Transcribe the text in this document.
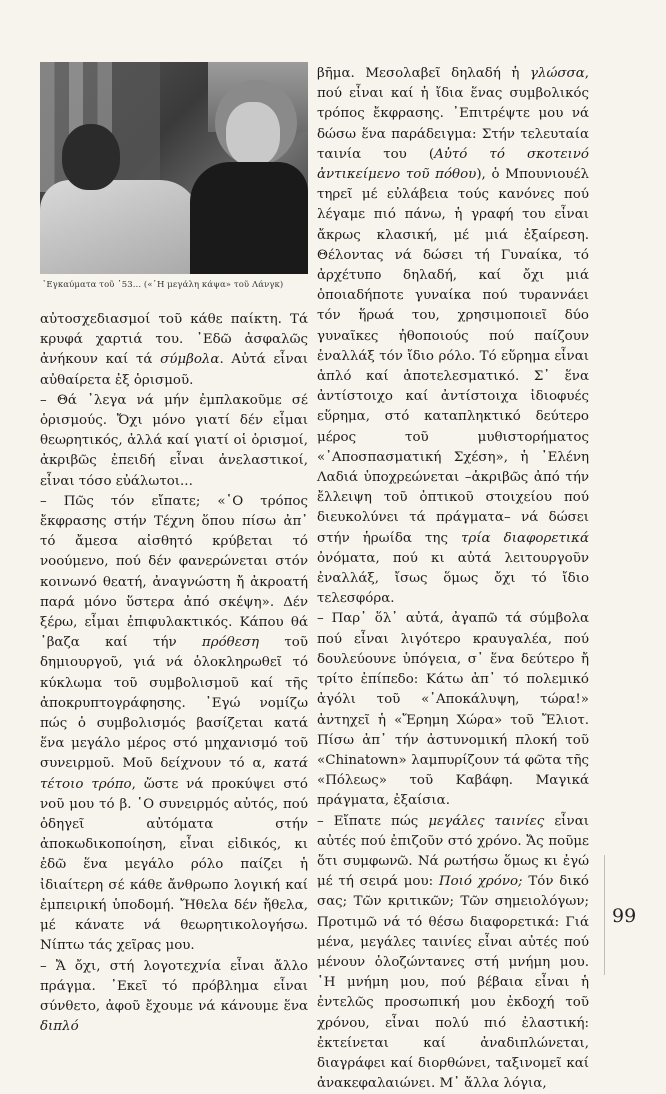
᾿Εγκαύματα τοῦ ᾿53... («῾Η μεγάλη κάψα» τοῦ Λάνγκ)

αὐτοσχεδιασμοί τοῦ κάθε παίκτη. Τά κρυφά χαρτιά του. ᾿Εδῶ ἀσφαλῶς ἀνήκουν καί τά σύμβολα. Αὐτά εἶναι αὐθαίρετα ἐξ ὁρισμοῦ.

– Θά ᾿λεγα νά μήν ἐμπλακοῦμε σέ ὁρισμούς. Ὄχι μόνο γιατί δέν εἶμαι θεωρητικός, ἀλλά καί γιατί οἱ ὁρισμοί, ἀκριβῶς ἐπειδή εἶναι ἀνελαστικοί, εἶναι τόσο εὐάλωτοι...

– Πῶς τόν εἴπατε; «῾Ο τρόπος ἔκφρασης στήν Τέχνη ὅπου πίσω ἀπ᾿ τό ἄμεσα αἰσθητό κρύβεται τό νοούμενο, πού δέν φανερώνεται στόν κοινωνό θεατή, ἀναγνώστη ἤ ἀκροατή παρά μόνο ὕστερα ἀπό σκέψη». Δέν ξέρω, εἶμαι ἐπιφυλακτικός. Κάπου θά ᾿βαζα καί τήν πρόθεση τοῦ δημιουργοῦ, γιά νά ὁλοκληρωθεῖ τό κύκλωμα τοῦ συμβολισμοῦ καί τῆς ἀποκρυπτογράφησης. ᾿Εγώ νομίζω πώς ὁ συμβολισμός βασίζεται κατά ἕνα μεγάλο μέρος στό μηχανισμό τοῦ συνειρμοῦ. Μοῦ δείχνουν τό α, κατά τέτοιο τρόπο, ὥστε νά προκύψει στό νοῦ μου τό β. ῾Ο συνειρμός αὐτός, πού ὁδηγεῖ αὐτόματα στήν ἀποκωδικοποίηση, εἶναι εἰδικός, κι ἐδῶ ἕνα μεγάλο ρόλο παίζει ἡ ἰδιαίτερη σέ κάθε ἄνθρωπο λογική καί ἐμπειρική ὑποδομή. Ἤθελα δέν ἤθελα, μέ κάνατε νά θεωρητικολογήσω. Νίπτω τάς χεῖρας μου.

– Ἄ ὄχι, στή λογοτεχνία εἶναι ἄλλο πράγμα. ᾿Εκεῖ τό πρόβλημα εἶναι σύνθετο, ἀφοῦ ἔχουμε νά κάνουμε ἕνα διπλό

βῆμα. Μεσολαβεῖ δηλαδή ἡ γλώσσα, πού εἶναι καί ἡ ἴδια ἕνας συμβολικός τρόπος ἔκφρασης. ᾿Επιτρέψτε μου νά δώσω ἕνα παράδειγμα: Στήν τελευταία ταινία του (Αὐτό τό σκοτεινό ἀντικείμενο τοῦ πόθου), ὁ Μπουνιουέλ τηρεῖ μέ εὐλάβεια τούς κανόνες πού λέγαμε πιό πάνω, ἡ γραφή του εἶναι ἄκρως κλασική, μέ μιά ἐξαίρεση. Θέλοντας νά δώσει τή Γυναίκα, τό ἀρχέτυπο δηλαδή, καί ὄχι μιά ὁποιαδήποτε γυναίκα πού τυραννάει τόν ἥρωά του, χρησιμοποιεῖ δύο γυναῖκες ἠθοποιούς πού παίζουν ἐναλλάξ τόν ἴδιο ρόλο. Τό εὕρημα εἶναι ἁπλό καί ἀποτελεσματικό. Σ᾿ ἕνα ἀντίστοιχο καί ἀντίστοιχα ἰδιοφυές εὕρημα, στό καταπληκτικό δεύτερο μέρος τοῦ μυθιστορήματος «᾿Αποσπασματική Σχέση», ἡ ᾿Ελένη Λαδιά ὑποχρεώνεται –ἀκριβῶς ἀπό τήν ἔλλειψη τοῦ ὀπτικοῦ στοιχείου πού διευκολύνει τά πράγματα– νά δώσει στήν ἡρωίδα της τρία διαφορετικά ὀνόματα, πού κι αὐτά λειτουργοῦν ἐναλλάξ, ἴσως ὅμως ὄχι τό ἴδιο τελεσφόρα.

– Παρ᾿ ὅλ᾿ αὐτά, ἀγαπῶ τά σύμβολα πού εἶναι λιγότερο κραυγαλέα, πού δουλεύουνε ὑπόγεια, σ᾿ ἕνα δεύτερο ἤ τρίτο ἐπίπεδο: Κάτω ἀπ᾿ τό πολεμικό ἀγόλι τοῦ «᾿Αποκάλυψη, τώρα!» ἀντηχεῖ ἡ «Ἔρημη Χώρα» τοῦ Ἔλιοτ. Πίσω ἀπ᾿ τήν ἀστυνομική πλοκή τοῦ «Chinatown» λαμπυρίζουν τά φῶτα τῆς «Πόλεως» τοῦ Καβάφη. Μαγικά πράγματα, ἐξαίσια.

– Εἴπατε πώς μεγάλες ταινίες εἶναι αὐτές πού ἐπιζοῦν στό χρόνο. Ἄς ποῦμε ὅτι συμφωνῶ. Νά ρωτήσω ὅμως κι ἐγώ μέ τή σειρά μου: Ποιό χρόνο; Τόν δικό σας; Τῶν κριτικῶν; Τῶν σημειολόγων; Προτιμῶ νά τό θέσω διαφορετικά: Γιά μένα, μεγάλες ταινίες εἶναι αὐτές πού μένουν ὁλοζώντανες στή μνήμη μου. ῾Η μνήμη μου, πού βέβαια εἶναι ἡ ἐντελῶς προσωπική μου ἐκδοχή τοῦ χρόνου, εἶναι πολύ πιό ἐλαστική: ἐκτείνεται καί ἀναδιπλώνεται, διαγράφει καί διορθώνει, ταξινομεῖ καί ἀνακεφαλαιώνει. Μ᾿ ἄλλα λόγια,

99
